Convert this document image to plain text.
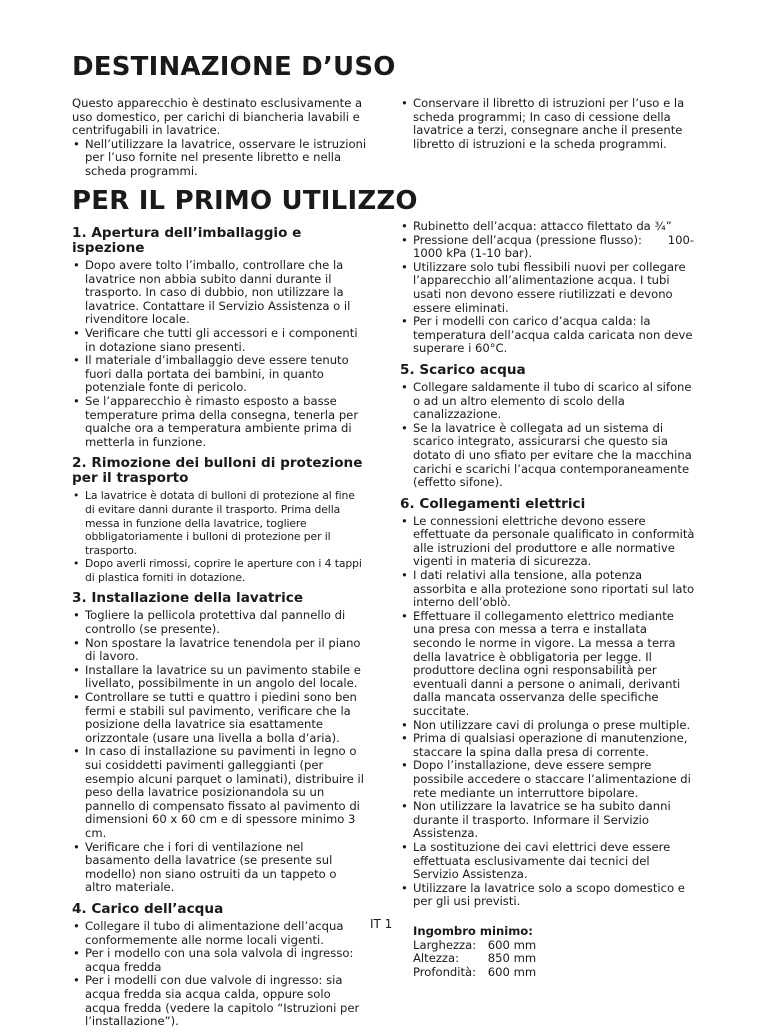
DESTINAZIONE D’USO

Questo apparecchio è destinato esclusivamente a uso domestico, per carichi di biancheria lavabili e centrifugabili in lavatrice.

• Nell’utilizzare la lavatrice, osservare le istruzioni per l’uso fornite nel presente libretto e nella scheda programmi.
• Conservare il libretto di istruzioni per l’uso e la scheda programmi; In caso di cessione della lavatrice a terzi, consegnare anche il presente libretto di istruzioni e la scheda programmi.
PER IL PRIMO UTILIZZO
1. Apertura dell’imballaggio e ispezione
• Dopo avere tolto l’imballo, controllare che la lavatrice non abbia subito danni durante il trasporto. In caso di dubbio, non utilizzare la lavatrice. Contattare il Servizio Assistenza o il rivenditore locale.
• Verificare che tutti gli accessori e i componenti in dotazione siano presenti.
• Il materiale d’imballaggio deve essere tenuto fuori dalla portata dei bambini, in quanto potenziale fonte di pericolo.
• Se l’apparecchio è rimasto esposto a basse temperature prima della consegna, tenerla per qualche ora a temperatura ambiente prima di metterla in funzione.
2. Rimozione dei bulloni di protezione per il trasporto
• La lavatrice è dotata di bulloni di protezione al fine di evitare danni durante il trasporto. Prima della messa in funzione della lavatrice, togliere obbligatoriamente i bulloni di protezione per il trasporto.
• Dopo averli rimossi, coprire le aperture con i 4 tappi di plastica forniti in dotazione.
3. Installazione della lavatrice
• Togliere la pellicola protettiva dal pannello di controllo (se presente).
• Non spostare la lavatrice tenendola per il piano di lavoro.
• Installare la lavatrice su un pavimento stabile e livellato, possibilmente in un angolo del locale.
• Controllare se tutti e quattro i piedini sono ben fermi e stabili sul pavimento, verificare che la posizione della lavatrice sia esattamente orizzontale (usare una livella a bolla d’aria).
• In caso di installazione su pavimenti in legno o sui cosiddetti pavimenti galleggianti (per esempio alcuni parquet o laminati), distribuire il peso della lavatrice posizionandola su un pannello di compensato fissato al pavimento di dimensioni 60 x 60 cm e di spessore minimo 3 cm.
• Verificare che i fori di ventilazione nel basamento della lavatrice (se presente sul modello) non siano ostruiti da un tappeto o altro materiale.
4. Carico dell’acqua
• Collegare il tubo di alimentazione dell’acqua conformemente alle norme locali vigenti.
• Per i modello con una sola valvola di ingresso: acqua fredda
• Per i modelli con due valvole di ingresso: sia acqua fredda sia acqua calda, oppure solo acqua fredda (vedere la capitolo “Istruzioni per l’installazione”).
• Rubinetto dell’acqua: attacco filettato da ¾”
• Pressione dell’acqua (pressione flusso):       100-1000 kPa (1-10 bar).
• Utilizzare solo tubi flessibili nuovi per collegare l’apparecchio all’alimentazione acqua. I tubi usati non devono essere riutilizzati e devono essere eliminati.
• Per i modelli con carico d’acqua calda: la temperatura dell’acqua calda caricata non deve superare i 60°C.
5. Scarico acqua
• Collegare saldamente il tubo di scarico al sifone o ad un altro elemento di scolo della canalizzazione.
• Se la lavatrice è collegata ad un sistema di scarico integrato, assicurarsi che questo sia dotato di uno sfiato per evitare che la macchina carichi e scarichi l’acqua contemporaneamente (effetto sifone).
6. Collegamenti elettrici
• Le connessioni elettriche devono essere effettuate da personale qualificato in conformità alle istruzioni del produttore e alle normative vigenti in materia di sicurezza.
• I dati relativi alla tensione, alla potenza assorbita e alla protezione sono riportati sul lato interno dell’oblò.
• Effettuare il collegamento elettrico mediante una presa con messa a terra e installata secondo le norme in vigore. La messa a terra della lavatrice è obbligatoria per legge. Il produttore declina ogni responsabilità per eventuali danni a persone o animali, derivanti dalla mancata osservanza delle specifiche succitate.
• Non utilizzare cavi di prolunga o prese multiple.
• Prima di qualsiasi operazione di manutenzione, staccare la spina dalla presa di corrente.
• Dopo l’installazione, deve essere sempre possibile accedere o staccare l’alimentazione di rete mediante un interruttore bipolare.
• Non utilizzare la lavatrice se ha subito danni durante il trasporto. Informare il Servizio Assistenza.
• La sostituzione dei cavi elettrici deve essere effettuata esclusivamente dai tecnici del Servizio Assistenza.
• Utilizzare la lavatrice solo a scopo domestico e per gli usi previsti.
Ingombro minimo:
Larghezza:	600 mm
Altezza:	850 mm
Profondità:	600 mm
IT 1
